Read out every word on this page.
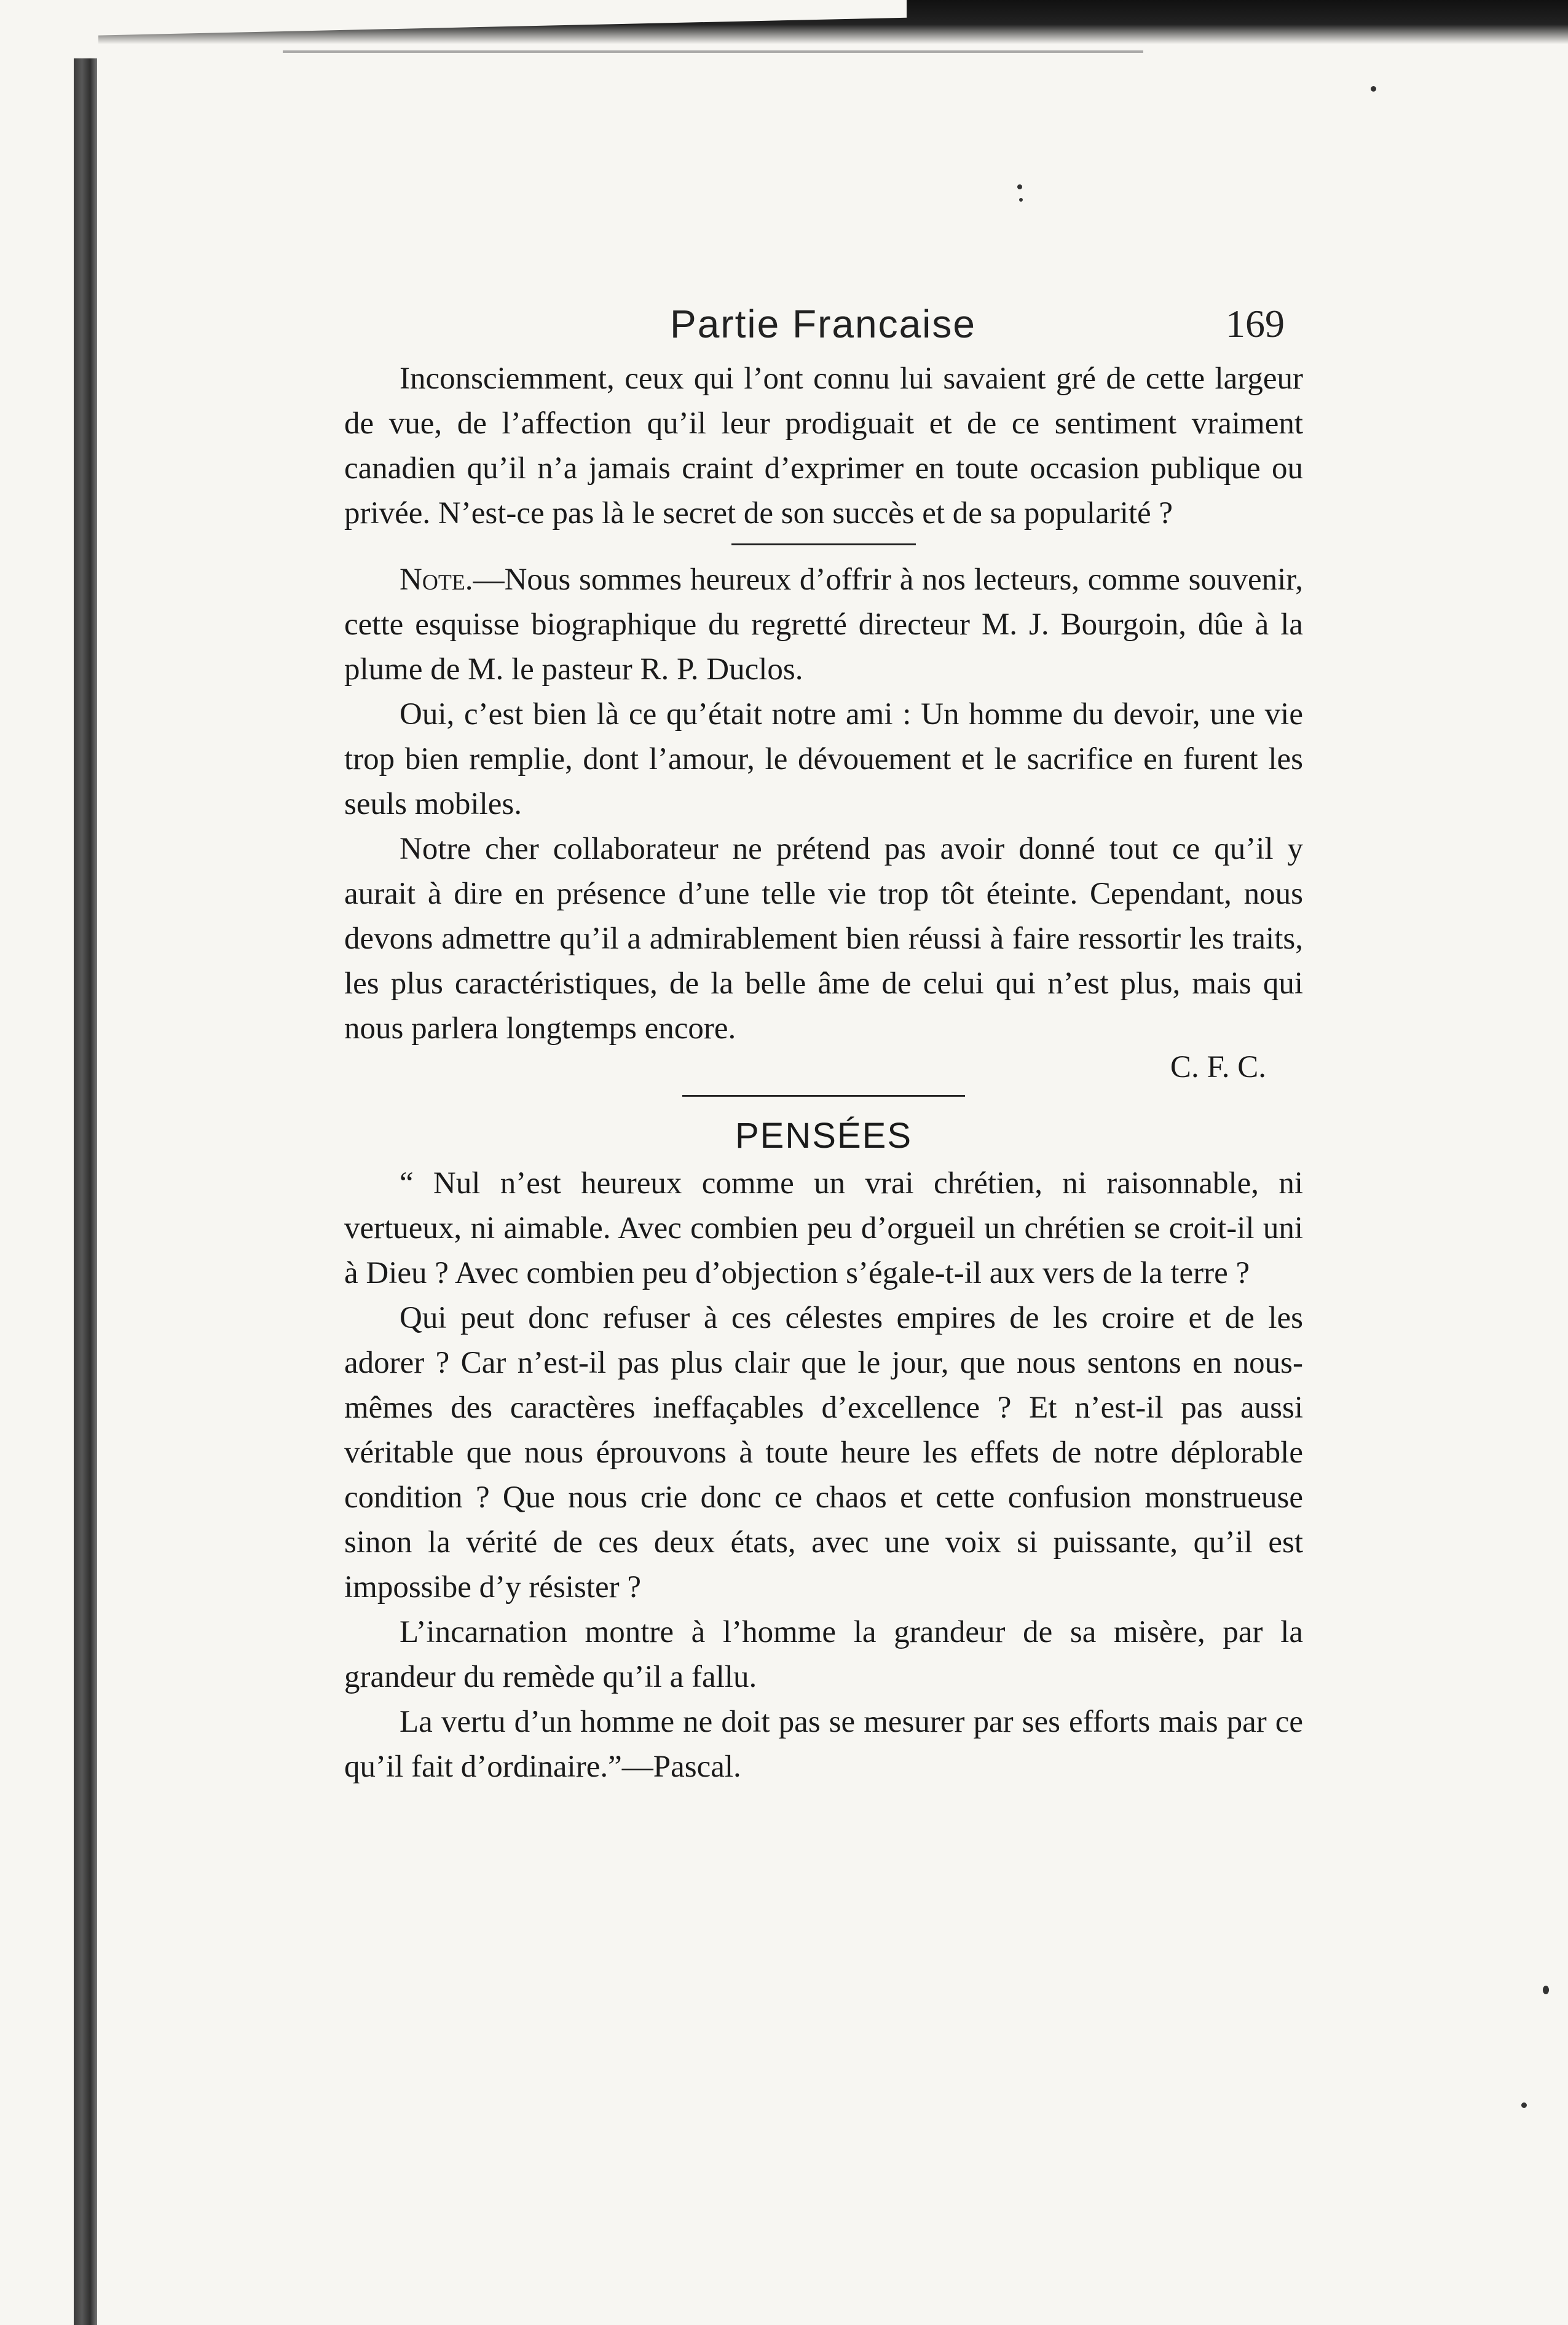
Partie Francaise	169

Inconsciemment, ceux qui l’ont connu lui savaient gré de cette largeur de vue, de l’affection qu’il leur prodiguait et de ce sentiment vraiment canadien qu’il n’a jamais craint d’exprimer en toute occasion publique ou privée. N’est-ce pas là le secret de son succès et de sa popularité ?

Note.—Nous sommes heureux d’offrir à nos lecteurs, comme souvenir, cette esquisse biographique du regretté directeur M. J. Bourgoin, dûe à la plume de M. le pasteur R. P. Duclos.

Oui, c’est bien là ce qu’était notre ami : Un homme du devoir, une vie trop bien remplie, dont l’amour, le dévouement et le sacrifice en furent les seuls mobiles.

Notre cher collaborateur ne prétend pas avoir donné tout ce qu’il y aurait à dire en présence d’une telle vie trop tôt éteinte. Cependant, nous devons admettre qu’il a admirablement bien réussi à faire ressortir les traits, les plus caractéristiques, de la belle âme de celui qui n’est plus, mais qui nous parlera longtemps encore.

C. F. C.

PENSÉES

“ Nul n’est heureux comme un vrai chrétien, ni raisonnable, ni vertueux, ni aimable. Avec combien peu d’orgueil un chrétien se croit-il uni à Dieu ? Avec combien peu d’objection s’égale-t-il aux vers de la terre ?

Qui peut donc refuser à ces célestes empires de les croire et de les adorer ? Car n’est-il pas plus clair que le jour, que nous sentons en nous-mêmes des caractères ineffaçables d’excellence ? Et n’est-il pas aussi véritable que nous éprouvons à toute heure les effets de notre déplorable condition ? Que nous crie donc ce chaos et cette confusion monstrueuse sinon la vérité de ces deux états, avec une voix si puissante, qu’il est impossibe d’y résister ?

L’incarnation montre à l’homme la grandeur de sa misère, par la grandeur du remède qu’il a fallu.

La vertu d’un homme ne doit pas se mesurer par ses efforts mais par ce qu’il fait d’ordinaire.”—Pascal.
